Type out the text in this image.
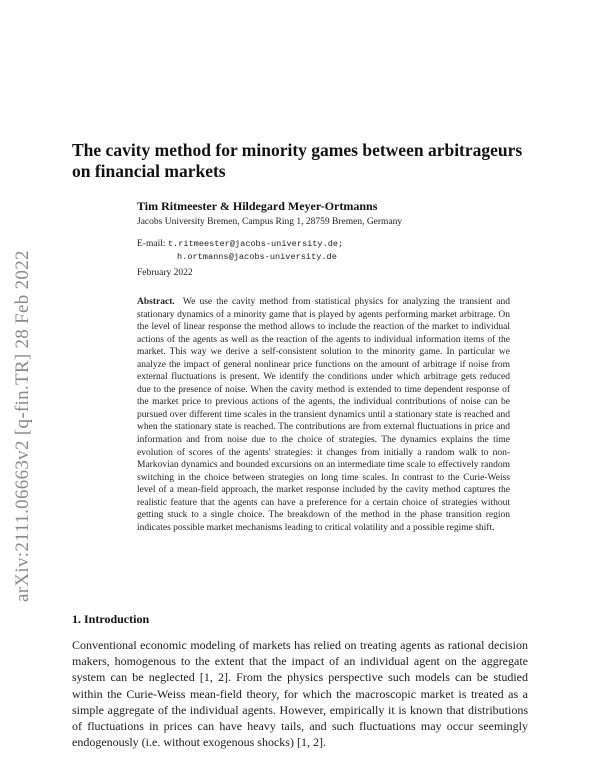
arXiv:2111.06663v2 [q-fin.TR] 28 Feb 2022
The cavity method for minority games between arbitrageurs on financial markets
Tim Ritmeester & Hildegard Meyer-Ortmanns
Jacobs University Bremen, Campus Ring 1, 28759 Bremen, Germany
E-mail: t.ritmeester@jacobs-university.de;
h.ortmanns@jacobs-university.de
February 2022

Abstract. We use the cavity method from statistical physics for analyzing the transient and stationary dynamics of a minority game that is played by agents performing market arbitrage. On the level of linear response the method allows to include the reaction of the market to individual actions of the agents as well as the reaction of the agents to individual information items of the market. This way we derive a self-consistent solution to the minority game. In particular we analyze the impact of general nonlinear price functions on the amount of arbitrage if noise from external fluctuations is present. We identify the conditions under which arbitrage gets reduced due to the presence of noise. When the cavity method is extended to time dependent response of the market price to previous actions of the agents, the individual contributions of noise can be pursued over different time scales in the transient dynamics until a stationary state is reached and when the stationary state is reached. The contributions are from external fluctuations in price and information and from noise due to the choice of strategies. The dynamics explains the time evolution of scores of the agents' strategies: it changes from initially a random walk to non-Markovian dynamics and bounded excursions on an intermediate time scale to effectively random switching in the choice between strategies on long time scales. In contrast to the Curie-Weiss level of a mean-field approach, the market response included by the cavity method captures the realistic feature that the agents can have a preference for a certain choice of strategies without getting stuck to a single choice. The breakdown of the method in the phase transition region indicates possible market mechanisms leading to critical volatility and a possible regime shift.

1. Introduction

Conventional economic modeling of markets has relied on treating agents as rational decision makers, homogenous to the extent that the impact of an individual agent on the aggregate system can be neglected [1, 2]. From the physics perspective such models can be studied within the Curie-Weiss mean-field theory, for which the macroscopic market is treated as a simple aggregate of the individual agents. However, empirically it is known that distributions of fluctuations in prices can have heavy tails, and such fluctuations may occur seemingly endogenously (i.e. without exogenous shocks) [1, 2].
